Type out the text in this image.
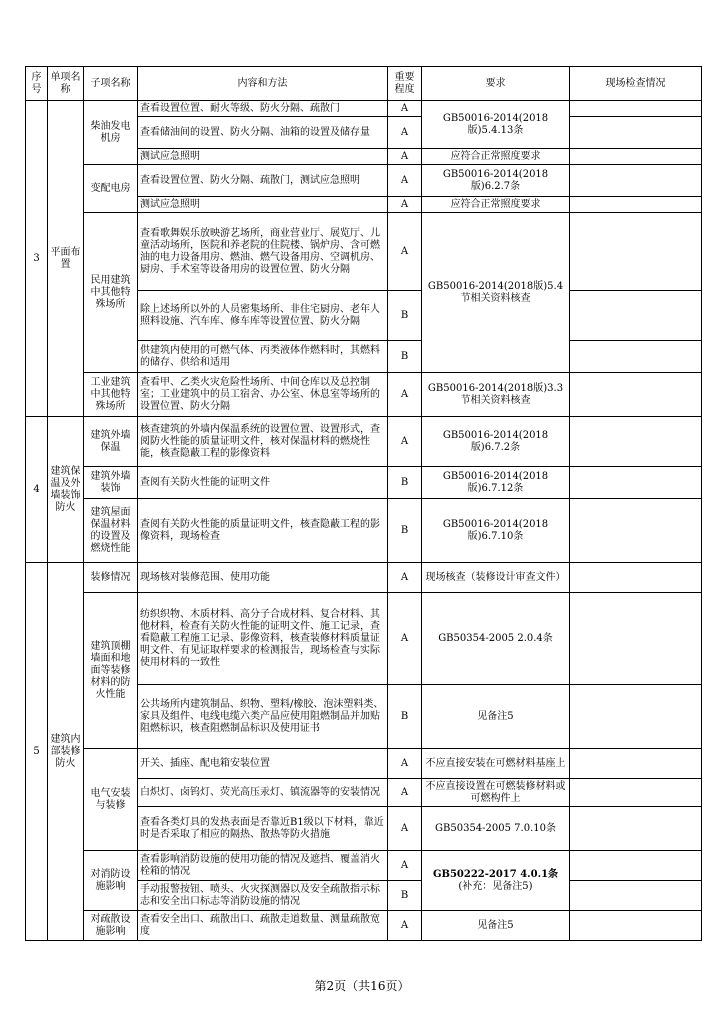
序号	单项名称	子项名称	内容和方法	重要程度	要求	现场检查情况
3	平面布置	柴油发电机房	查看设置位置、耐火等级、防火分隔、疏散门	A	GB50016-2014(2018版)5.4.13条	
			查看储油间的设置、防火分隔、油箱的设置及储存量	A		
			测试应急照明	A	应符合正常照度要求	
		变配电房	查看设置位置、防火分隔、疏散门，测试应急照明	A	GB50016-2014(2018版)6.2.7条	
			测试应急照明	A	应符合正常照度要求	
		民用建筑中其他特殊场所	查看歌舞娱乐放映游艺场所，商业营业厅、展览厅、儿童活动场所，医院和养老院的住院楼、锅炉房、含可燃油的电力设备用房、燃油、燃气设备用房、空调机房、厨房、手术室等设备用房的设置位置、防火分隔	A	GB50016-2014(2018版)5.4节相关资料核查	
			除上述场所以外的人员密集场所、非住宅厨房、老年人照料设施、汽车库、修车库等设置位置、防火分隔	B		
			供建筑内使用的可燃气体、丙类液体作燃料时，其燃料的储存、供给和适用	B		
		工业建筑中其他特殊场所	查看甲、乙类火灾危险性场所、中间仓库以及总控制室；工业建筑中的员工宿舍、办公室、休息室等场所的设置位置、防火分隔	A	GB50016-2014(2018版)3.3节相关资料核查	
4	建筑保温及外墙装饰防火	建筑外墙保温	核查建筑的外墙内保温系统的设置位置、设置形式，查阅防火性能的质量证明文件，核对保温材料的燃烧性能，核查隐蔽工程的影像资料	A	GB50016-2014(2018版)6.7.2条	
		建筑外墙装饰	查阅有关防火性能的证明文件	B	GB50016-2014(2018版)6.7.12条	
		建筑屋面保温材料的设置及燃烧性能	查阅有关防火性能的质量证明文件，核查隐蔽工程的影像资料，现场检查	B	GB50016-2014(2018版)6.7.10条	
5	建筑内部装修防火	装修情况	现场核对装修范围、使用功能	A	现场核查（装修设计审查文件）	
		建筑顶棚墙面和地面等装修材料的防火性能	纺织织物、木质材料、高分子合成材料、复合材料、其他材料，检查有关防火性能的证明文件、施工记录，查看隐蔽工程施工记录、影像资料，核查装修材料质量证明文件、有见证取样要求的检测报告，现场检查与实际使用材料的一致性	A	GB50354-2005 2.0.4条	
			公共场所内建筑制品、织物、塑料/橡胶、泡沫塑料类、家具及组件、电线电缆六类产品应使用阻燃制品并加贴阻燃标识，核查阻燃制品标识及使用证书	B	见备注5	
		电气安装与装修	开关、插座、配电箱安装位置	A	不应直接安装在可燃材料基座上	
			白炽灯、卤钨灯、荧光高压汞灯、镇流器等的安装情况	A	不应直接设置在可燃装修材料或可燃构件上	
			查看各类灯具的发热表面是否靠近B1级以下材料，靠近时是否采取了相应的隔热、散热等防火措施	A	GB50354-2005 7.0.10条	
		对消防设施影响	查看影响消防设施的使用功能的情况及遮挡、覆盖消火栓箱的情况	A	GB50222-2017 4.0.1条
(补充：见备注5)	

			手动报警按钮、喷头、火灾探测器以及安全疏散指示标志和安全出口标志等消防设施的情况	B		
		对疏散设施影响	查看安全出口、疏散出口、疏散走道数量、测量疏散宽度	A	见备注5	
第2页（共16页）
